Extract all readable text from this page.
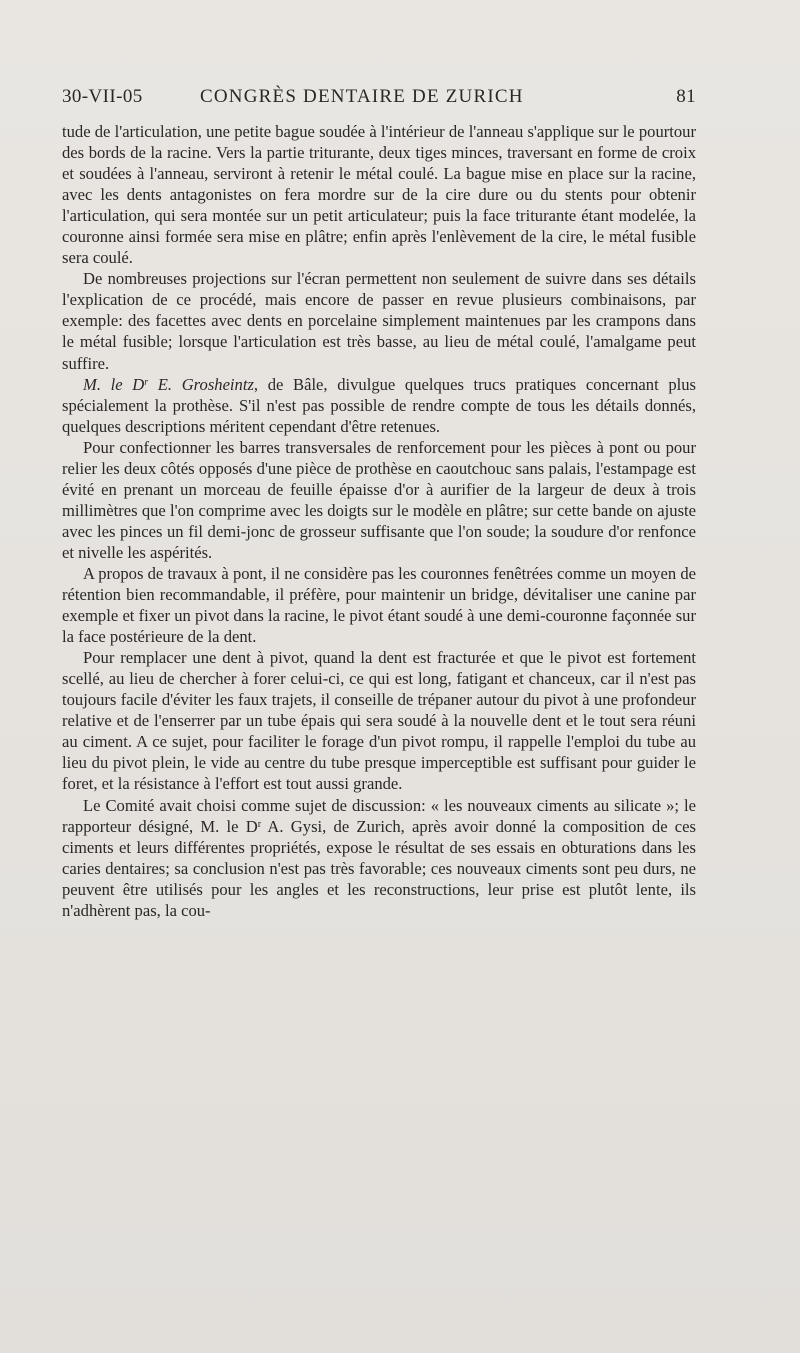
30-VII-05	CONGRÈS DENTAIRE DE ZURICH	81

tude de l'articulation, une petite bague soudée à l'intérieur de l'anneau s'applique sur le pourtour des bords de la racine. Vers la partie triturante, deux tiges minces, traversant en forme de croix et soudées à l'anneau, serviront à retenir le métal coulé. La bague mise en place sur la racine, avec les dents antagonistes on fera mordre sur de la cire dure ou du stents pour obtenir l'articulation, qui sera montée sur un petit articulateur; puis la face triturante étant modelée, la couronne ainsi formée sera mise en plâtre; enfin après l'enlèvement de la cire, le métal fusible sera coulé.

De nombreuses projections sur l'écran permettent non seulement de suivre dans ses détails l'explication de ce procédé, mais encore de passer en revue plusieurs combinaisons, par exemple: des facettes avec dents en porcelaine simplement maintenues par les crampons dans le métal fusible; lorsque l'articulation est très basse, au lieu de métal coulé, l'amalgame peut suffire.

M. le $D^r$ E. Grosheintz, de Bâle, divulgue quelques trucs pratiques concernant plus spécialement la prothèse. S'il n'est pas possible de rendre compte de tous les détails donnés, quelques descriptions méritent cependant d'être retenues.

Pour confectionner les barres transversales de renforcement pour les pièces à pont ou pour relier les deux côtés opposés d'une pièce de prothèse en caoutchouc sans palais, l'estampage est évité en prenant un morceau de feuille épaisse d'or à aurifier de la largeur de deux à trois millimètres que l'on comprime avec les doigts sur le modèle en plâtre; sur cette bande on ajuste avec les pinces un fil demi-jonc de grosseur suffisante que l'on soude; la soudure d'or renfonce et nivelle les aspérités.

A propos de travaux à pont, il ne considère pas les couronnes fenêtrées comme un moyen de rétention bien recommandable, il préfère, pour maintenir un bridge, dévitaliser une canine par exemple et fixer un pivot dans la racine, le pivot étant soudé à une demi-couronne façonnée sur la face postérieure de la dent.

Pour remplacer une dent à pivot, quand la dent est fracturée et que le pivot est fortement scellé, au lieu de chercher à forer celui-ci, ce qui est long, fatigant et chanceux, car il n'est pas toujours facile d'éviter les faux trajets, il conseille de trépaner autour du pivot à une profondeur relative et de l'enserrer par un tube épais qui sera soudé à la nouvelle dent et le tout sera réuni au ciment. A ce sujet, pour faciliter le forage d'un pivot rompu, il rappelle l'emploi du tube au lieu du pivot plein, le vide au centre du tube presque imperceptible est suffisant pour guider le foret, et la résistance à l'effort est tout aussi grande.

Le Comité avait choisi comme sujet de discussion: « les nouveaux ciments au silicate »; le rapporteur désigné, M. le $D^r$ A. Gysi, de Zurich, après avoir donné la composition de ces ciments et leurs différentes propriétés, expose le résultat de ses essais en obturations dans les caries dentaires; sa conclusion n'est pas très favorable; ces nouveaux ciments sont peu durs, ne peuvent être utilisés pour les angles et les reconstructions, leur prise est plutôt lente, ils n'adhèrent pas, la cou-
